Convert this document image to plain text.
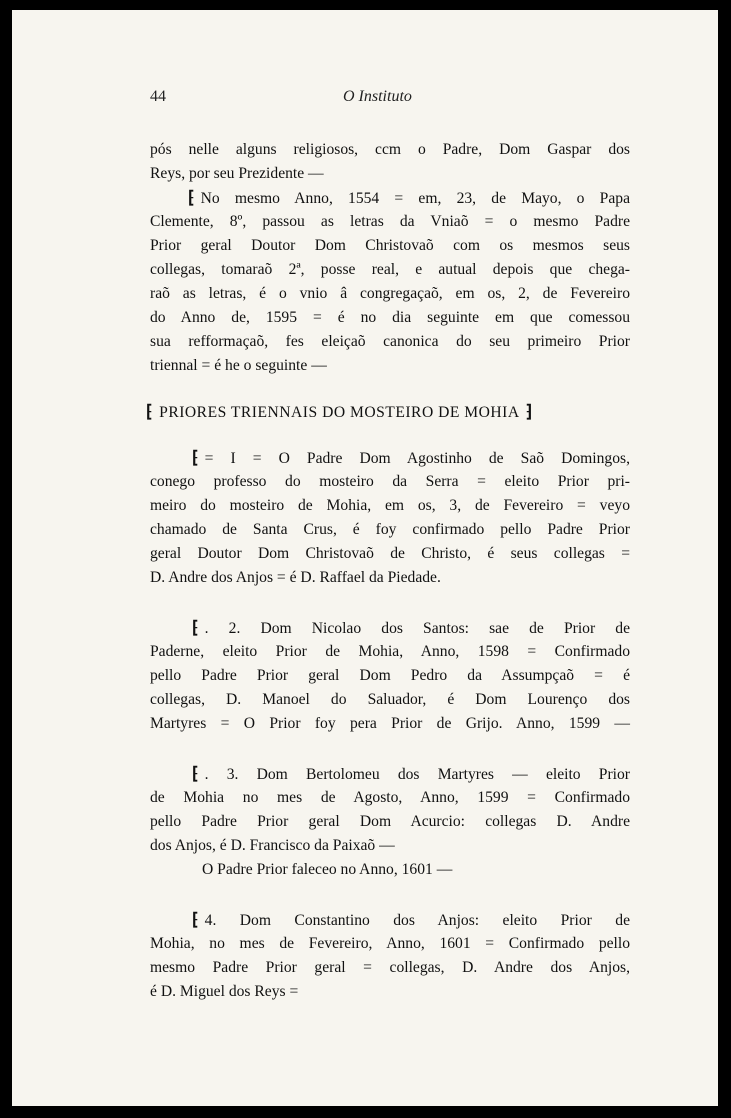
44	O Instituto
pós nelle alguns religiosos, ccm o Padre, Dom Gaspar dos
Reys, por seu Prezidente —
⁅ No mesmo Anno, 1554 = em, 23, de Mayo, o Papa
Clemente, 8º, passou as letras da Vniaõ = o mesmo Padre
Prior geral Doutor Dom Christovaõ com os mesmos seus
collegas, tomaraõ 2ª, posse real, e autual depois que chega-
raõ as letras, é o vnio â congregaçaõ, em os, 2, de Fevereiro
do Anno de, 1595 = é no dia seguinte em que comessou
sua refformaçaõ, fes eleiçaõ canonica do seu primeiro Prior
triennal = é he o seguinte —
⁅ PRIORES TRIENNAIS DO MOSTEIRO DE MOHIA ⁆
⁅ = I = O Padre Dom Agostinho de Saõ Domingos,
conego professo do mosteiro da Serra = eleito Prior pri-
meiro do mosteiro de Mohia, em os, 3, de Fevereiro = veyo
chamado de Santa Crus, é foy confirmado pello Padre Prior
geral Doutor Dom Christovaõ de Christo, é seus collegas =
D. Andre dos Anjos = é D. Raffael da Piedade.
⁅ . 2. Dom Nicolao dos Santos: sae de Prior de
Paderne, eleito Prior de Mohia, Anno, 1598 = Confirmado
pello Padre Prior geral Dom Pedro da Assumpçaõ = é
collegas, D. Manoel do Saluador, é Dom Lourenço dos
Martyres = O Prior foy pera Prior de Grijo. Anno, 1599 —
⁅ . 3. Dom Bertolomeu dos Martyres — eleito Prior
de Mohia no mes de Agosto, Anno, 1599 = Confirmado
pello Padre Prior geral Dom Acurcio: collegas D. Andre
dos Anjos, é D. Francisco da Paixaõ —
O Padre Prior faleceo no Anno, 1601 —
⁅ 4. Dom Constantino dos Anjos: eleito Prior de
Mohia, no mes de Fevereiro, Anno, 1601 = Confirmado pello
mesmo Padre Prior geral = collegas, D. Andre dos Anjos,
é D. Miguel dos Reys =
